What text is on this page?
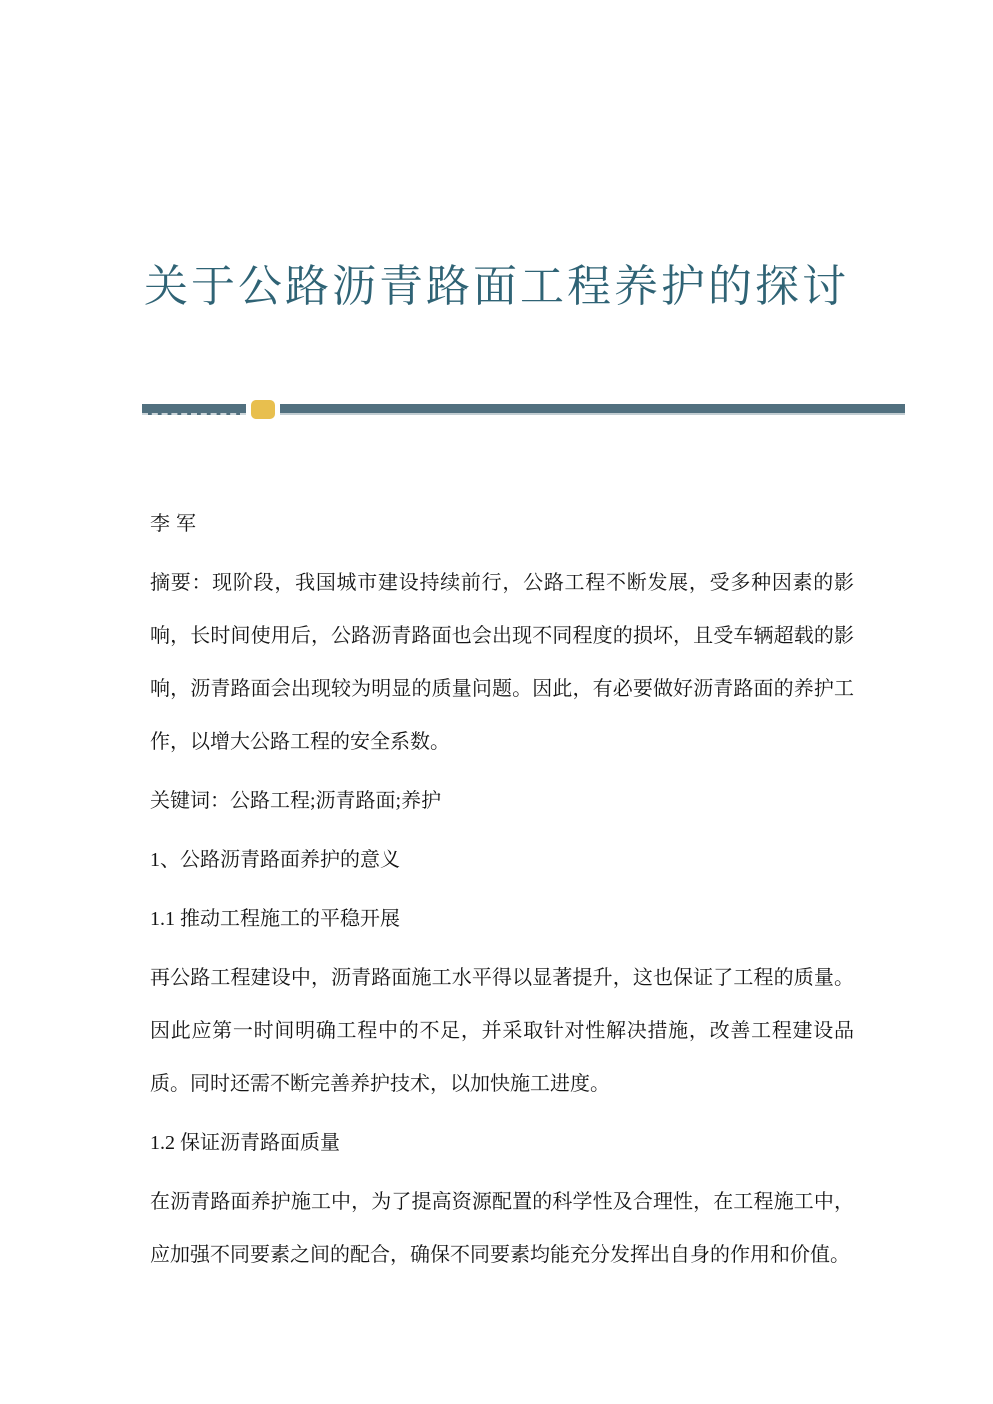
关于公路沥青路面工程养护的探讨

李军

摘要：现阶段，我国城市建设持续前行，公路工程不断发展，受多种因素的影响，长时间使用后，公路沥青路面也会出现不同程度的损坏，且受车辆超载的影响，沥青路面会出现较为明显的质量问题。因此，有必要做好沥青路面的养护工作，以增大公路工程的安全系数。

关键词：公路工程;沥青路面;养护

1、公路沥青路面养护的意义

1.1 推动工程施工的平稳开展

再公路工程建设中，沥青路面施工水平得以显著提升，这也保证了工程的质量。因此应第一时间明确工程中的不足，并采取针对性解决措施，改善工程建设品质。同时还需不断完善养护技术，以加快施工进度。

1.2 保证沥青路面质量

在沥青路面养护施工中，为了提高资源配置的科学性及合理性，在工程施工中，应加强不同要素之间的配合，确保不同要素均能充分发挥出自身的作用和价值。
